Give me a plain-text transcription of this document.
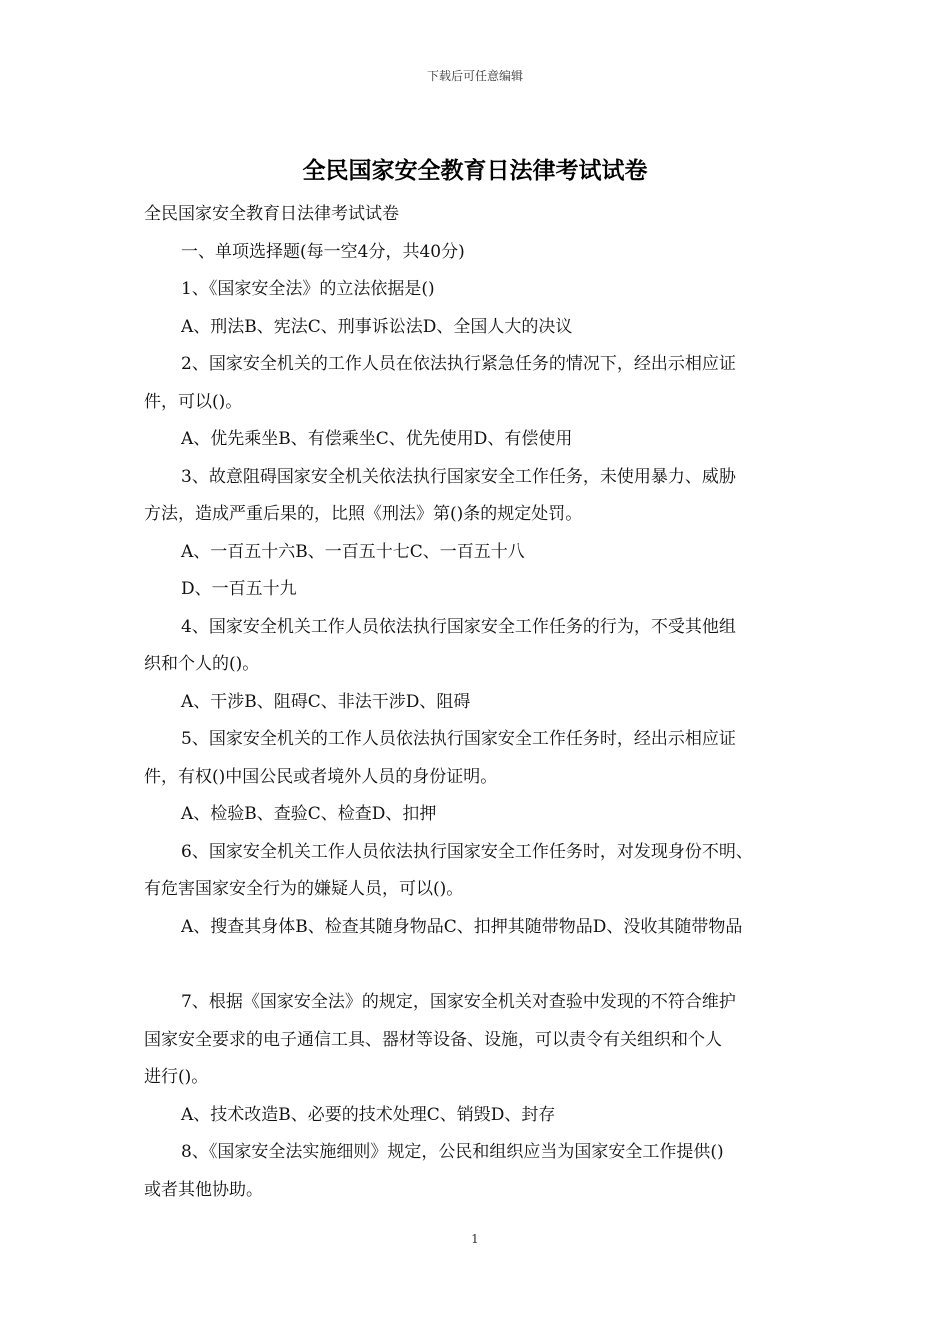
下载后可任意编辑
全民国家安全教育日法律考试试卷
全民国家安全教育日法律考试试卷
一、单项选择题(每一空4分，共40分)
1、《国家安全法》的立法依据是()
A、刑法B、宪法C、刑事诉讼法D、全国人大的决议
2、国家安全机关的工作人员在依法执行紧急任务的情况下，经出示相应证
件，可以()。
A、优先乘坐B、有偿乘坐C、优先使用D、有偿使用
3、故意阻碍国家安全机关依法执行国家安全工作任务，未使用暴力、威胁
方法，造成严重后果的，比照《刑法》第()条的规定处罚。
A、一百五十六B、一百五十七C、一百五十八
D、一百五十九
4、国家安全机关工作人员依法执行国家安全工作任务的行为，不受其他组
织和个人的()。
A、干涉B、阻碍C、非法干涉D、阻碍
5、国家安全机关的工作人员依法执行国家安全工作任务时，经出示相应证
件，有权()中国公民或者境外人员的身份证明。
A、检验B、查验C、检查D、扣押
6、国家安全机关工作人员依法执行国家安全工作任务时，对发现身份不明、
有危害国家安全行为的嫌疑人员，可以()。
A、搜查其身体B、检查其随身物品C、扣押其随带物品D、没收其随带物品
7、根据《国家安全法》的规定，国家安全机关对查验中发现的不符合维护
国家安全要求的电子通信工具、器材等设备、设施，可以责令有关组织和个人
进行()。
A、技术改造B、必要的技术处理C、销毁D、封存
8、《国家安全法实施细则》规定，公民和组织应当为国家安全工作提供()
或者其他协助。
1
